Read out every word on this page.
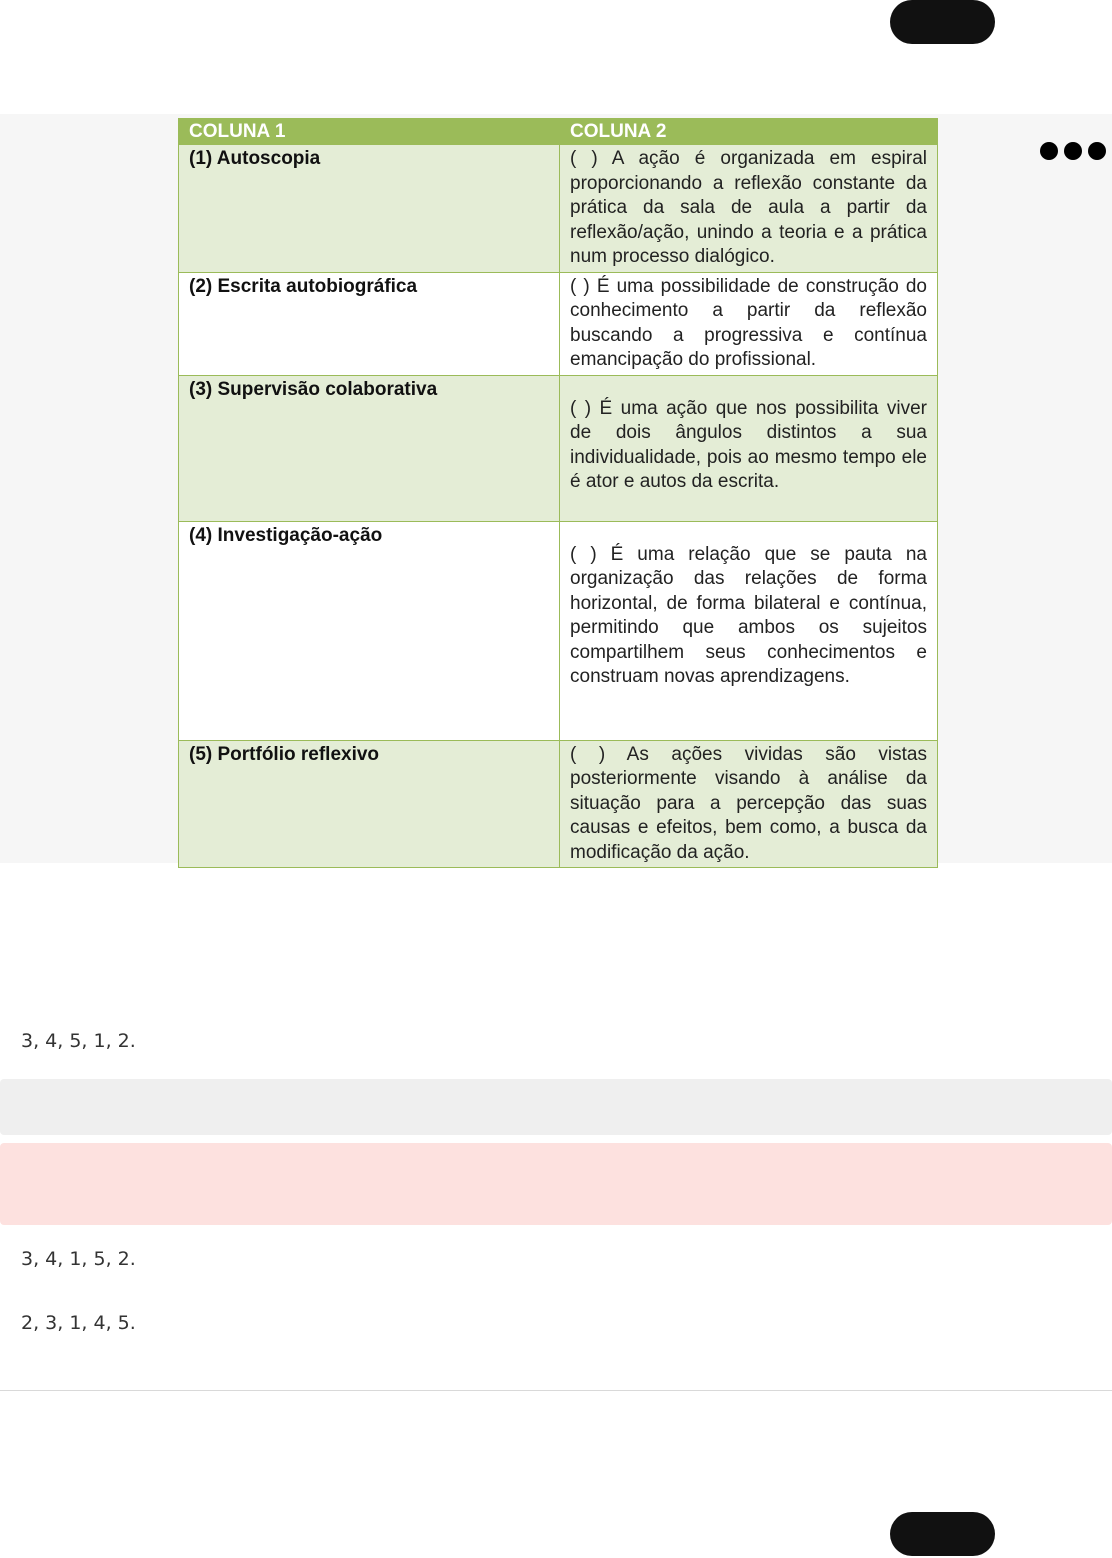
COLUNA 1	COLUNA 2
(1) Autoscopia	( ) A ação é organizada em espiral proporcionando a reflexão constante da prática da sala de aula a partir da reflexão/ação, unindo a teoria e a prática num processo dialógico.
(2) Escrita autobiográfica	( ) É uma possibilidade de construção do conhecimento a partir da reflexão buscando a progressiva e contínua emancipação do profissional.
(3) Supervisão colaborativa	( ) É uma ação que nos possibilita viver de dois ângulos distintos a sua individualidade, pois ao mesmo tempo ele é ator e autos da escrita.
(4) Investigação-ação	( ) É uma relação que se pauta na organização das relações de forma horizontal, de forma bilateral e contínua, permitindo que ambos os sujeitos compartilhem seus conhecimentos e construam novas aprendizagens.
(5) Portfólio reflexivo	( ) As ações vividas são vistas posteriormente visando à análise da situação para a percepção das suas causas e efeitos, bem como, a busca da modificação da ação.
3, 4, 5, 1, 2.
3, 4, 1, 5, 2.
2, 3, 1, 4, 5.
